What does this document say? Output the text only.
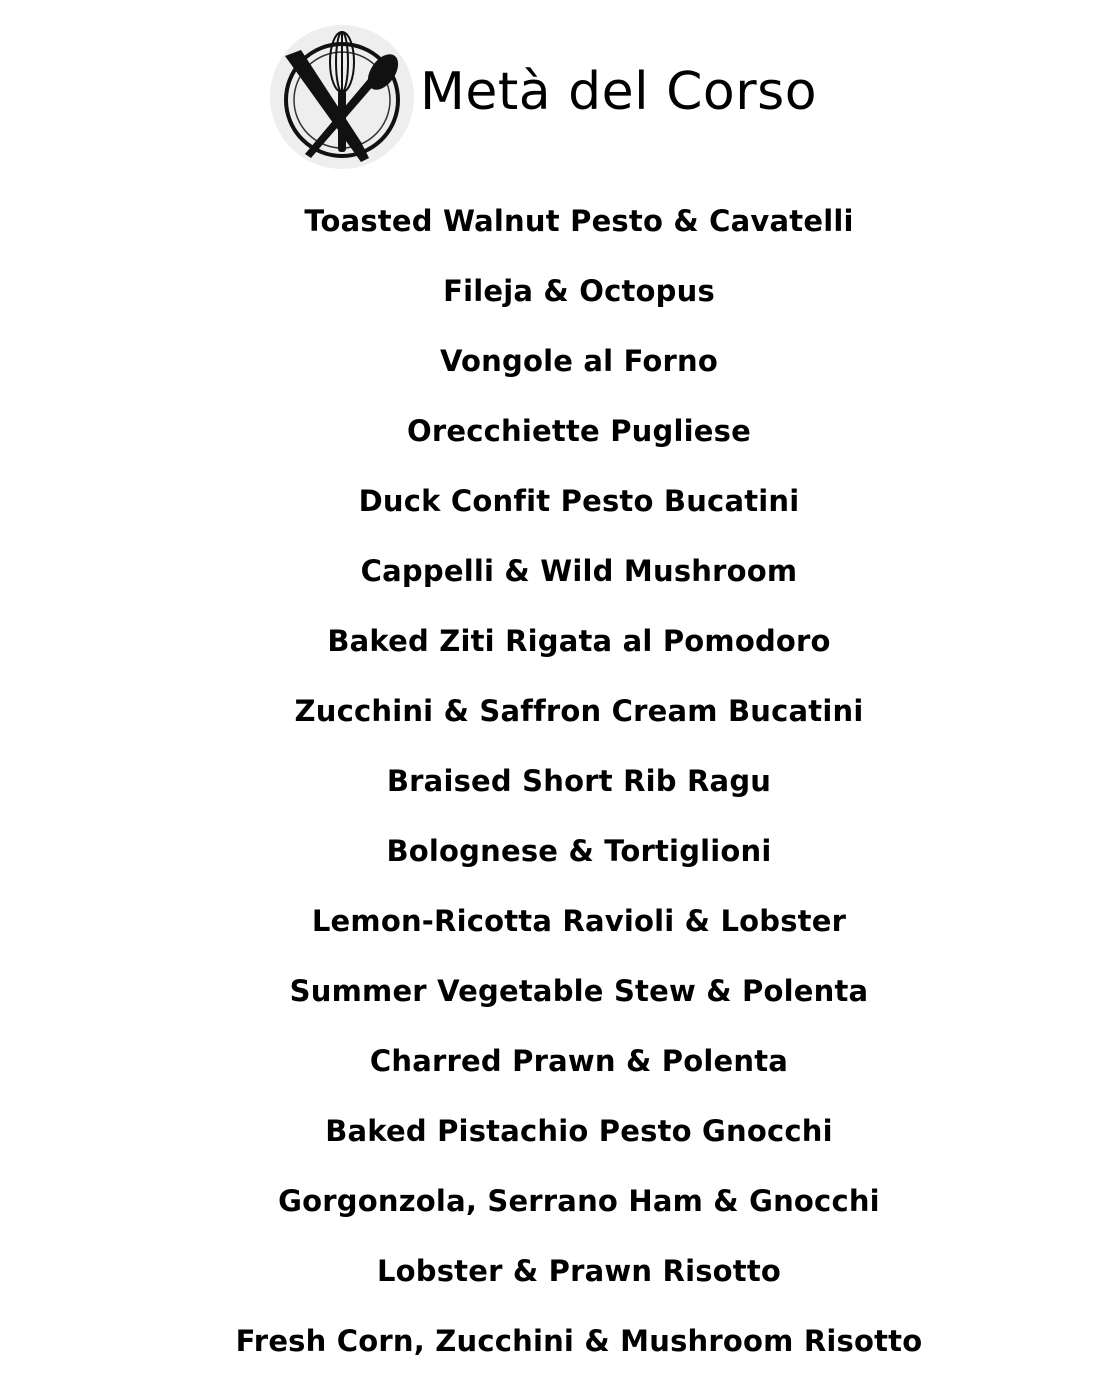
Metà del Corso
Toasted Walnut Pesto & Cavatelli
Fileja & Octopus
Vongole al Forno
Orecchiette Pugliese
Duck Confit Pesto Bucatini
Cappelli & Wild Mushroom
Baked Ziti Rigata al Pomodoro
Zucchini & Saffron Cream Bucatini
Braised Short Rib Ragu
Bolognese & Tortiglioni
Lemon-Ricotta Ravioli & Lobster
Summer Vegetable Stew & Polenta
Charred Prawn & Polenta
Baked Pistachio Pesto Gnocchi
Gorgonzola, Serrano Ham & Gnocchi
Lobster & Prawn Risotto
Fresh Corn, Zucchini & Mushroom Risotto
